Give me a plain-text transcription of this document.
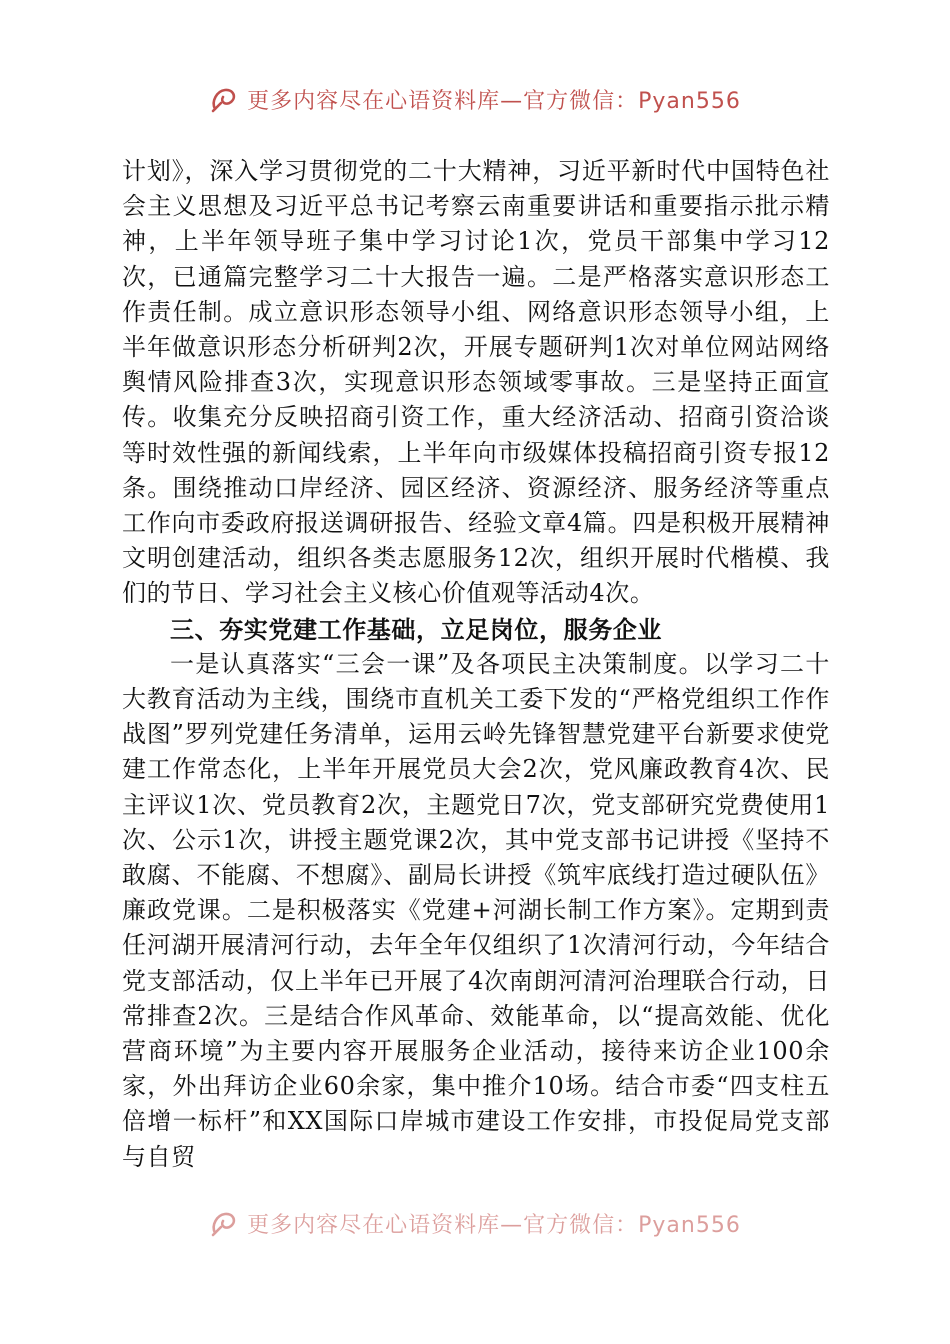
更多内容尽在心语资料库—官方微信：Pyan556

计划》，深入学习贯彻党的二十大精神，习近平新时代中国特色社会主义思想及习近平总书记考察云南重要讲话和重要指示批示精神，上半年领导班子集中学习讨论1次，党员干部集中学习12次，已通篇完整学习二十大报告一遍。二是严格落实意识形态工作责任制。成立意识形态领导小组、网络意识形态领导小组，上半年做意识形态分析研判2次，开展专题研判1次对单位网站网络舆情风险排查3次，实现意识形态领域零事故。三是坚持正面宣传。收集充分反映招商引资工作，重大经济活动、招商引资洽谈等时效性强的新闻线索，上半年向市级媒体投稿招商引资专报12条。围绕推动口岸经济、园区经济、资源经济、服务经济等重点工作向市委政府报送调研报告、经验文章4篇。四是积极开展精神文明创建活动，组织各类志愿服务12次，组织开展时代楷模、我们的节日、学习社会主义核心价值观等活动4次。

三、夯实党建工作基础，立足岗位，服务企业

一是认真落实“三会一课”及各项民主决策制度。以学习二十大教育活动为主线，围绕市直机关工委下发的“严格党组织工作作战图”罗列党建任务清单，运用云岭先锋智慧党建平台新要求使党建工作常态化，上半年开展党员大会2次，党风廉政教育4次、民主评议1次、党员教育2次，主题党日7次，党支部研究党费使用1次、公示1次，讲授主题党课2次，其中党支部书记讲授《坚持不敢腐、不能腐、不想腐》、副局长讲授《筑牢底线打造过硬队伍》廉政党课。二是积极落实《党建+河湖长制工作方案》。定期到责任河湖开展清河行动，去年全年仅组织了1次清河行动，今年结合党支部活动，仅上半年已开展了4次南朗河清河治理联合行动，日常排查2次。三是结合作风革命、效能革命，以“提高效能、优化营商环境”为主要内容开展服务企业活动，接待来访企业100余家，外出拜访企业60余家，集中推介10场。结合市委“四支柱五倍增一标杆”和XX国际口岸城市建设工作安排，市投促局党支部与自贸

更多内容尽在心语资料库—官方微信：Pyan556
